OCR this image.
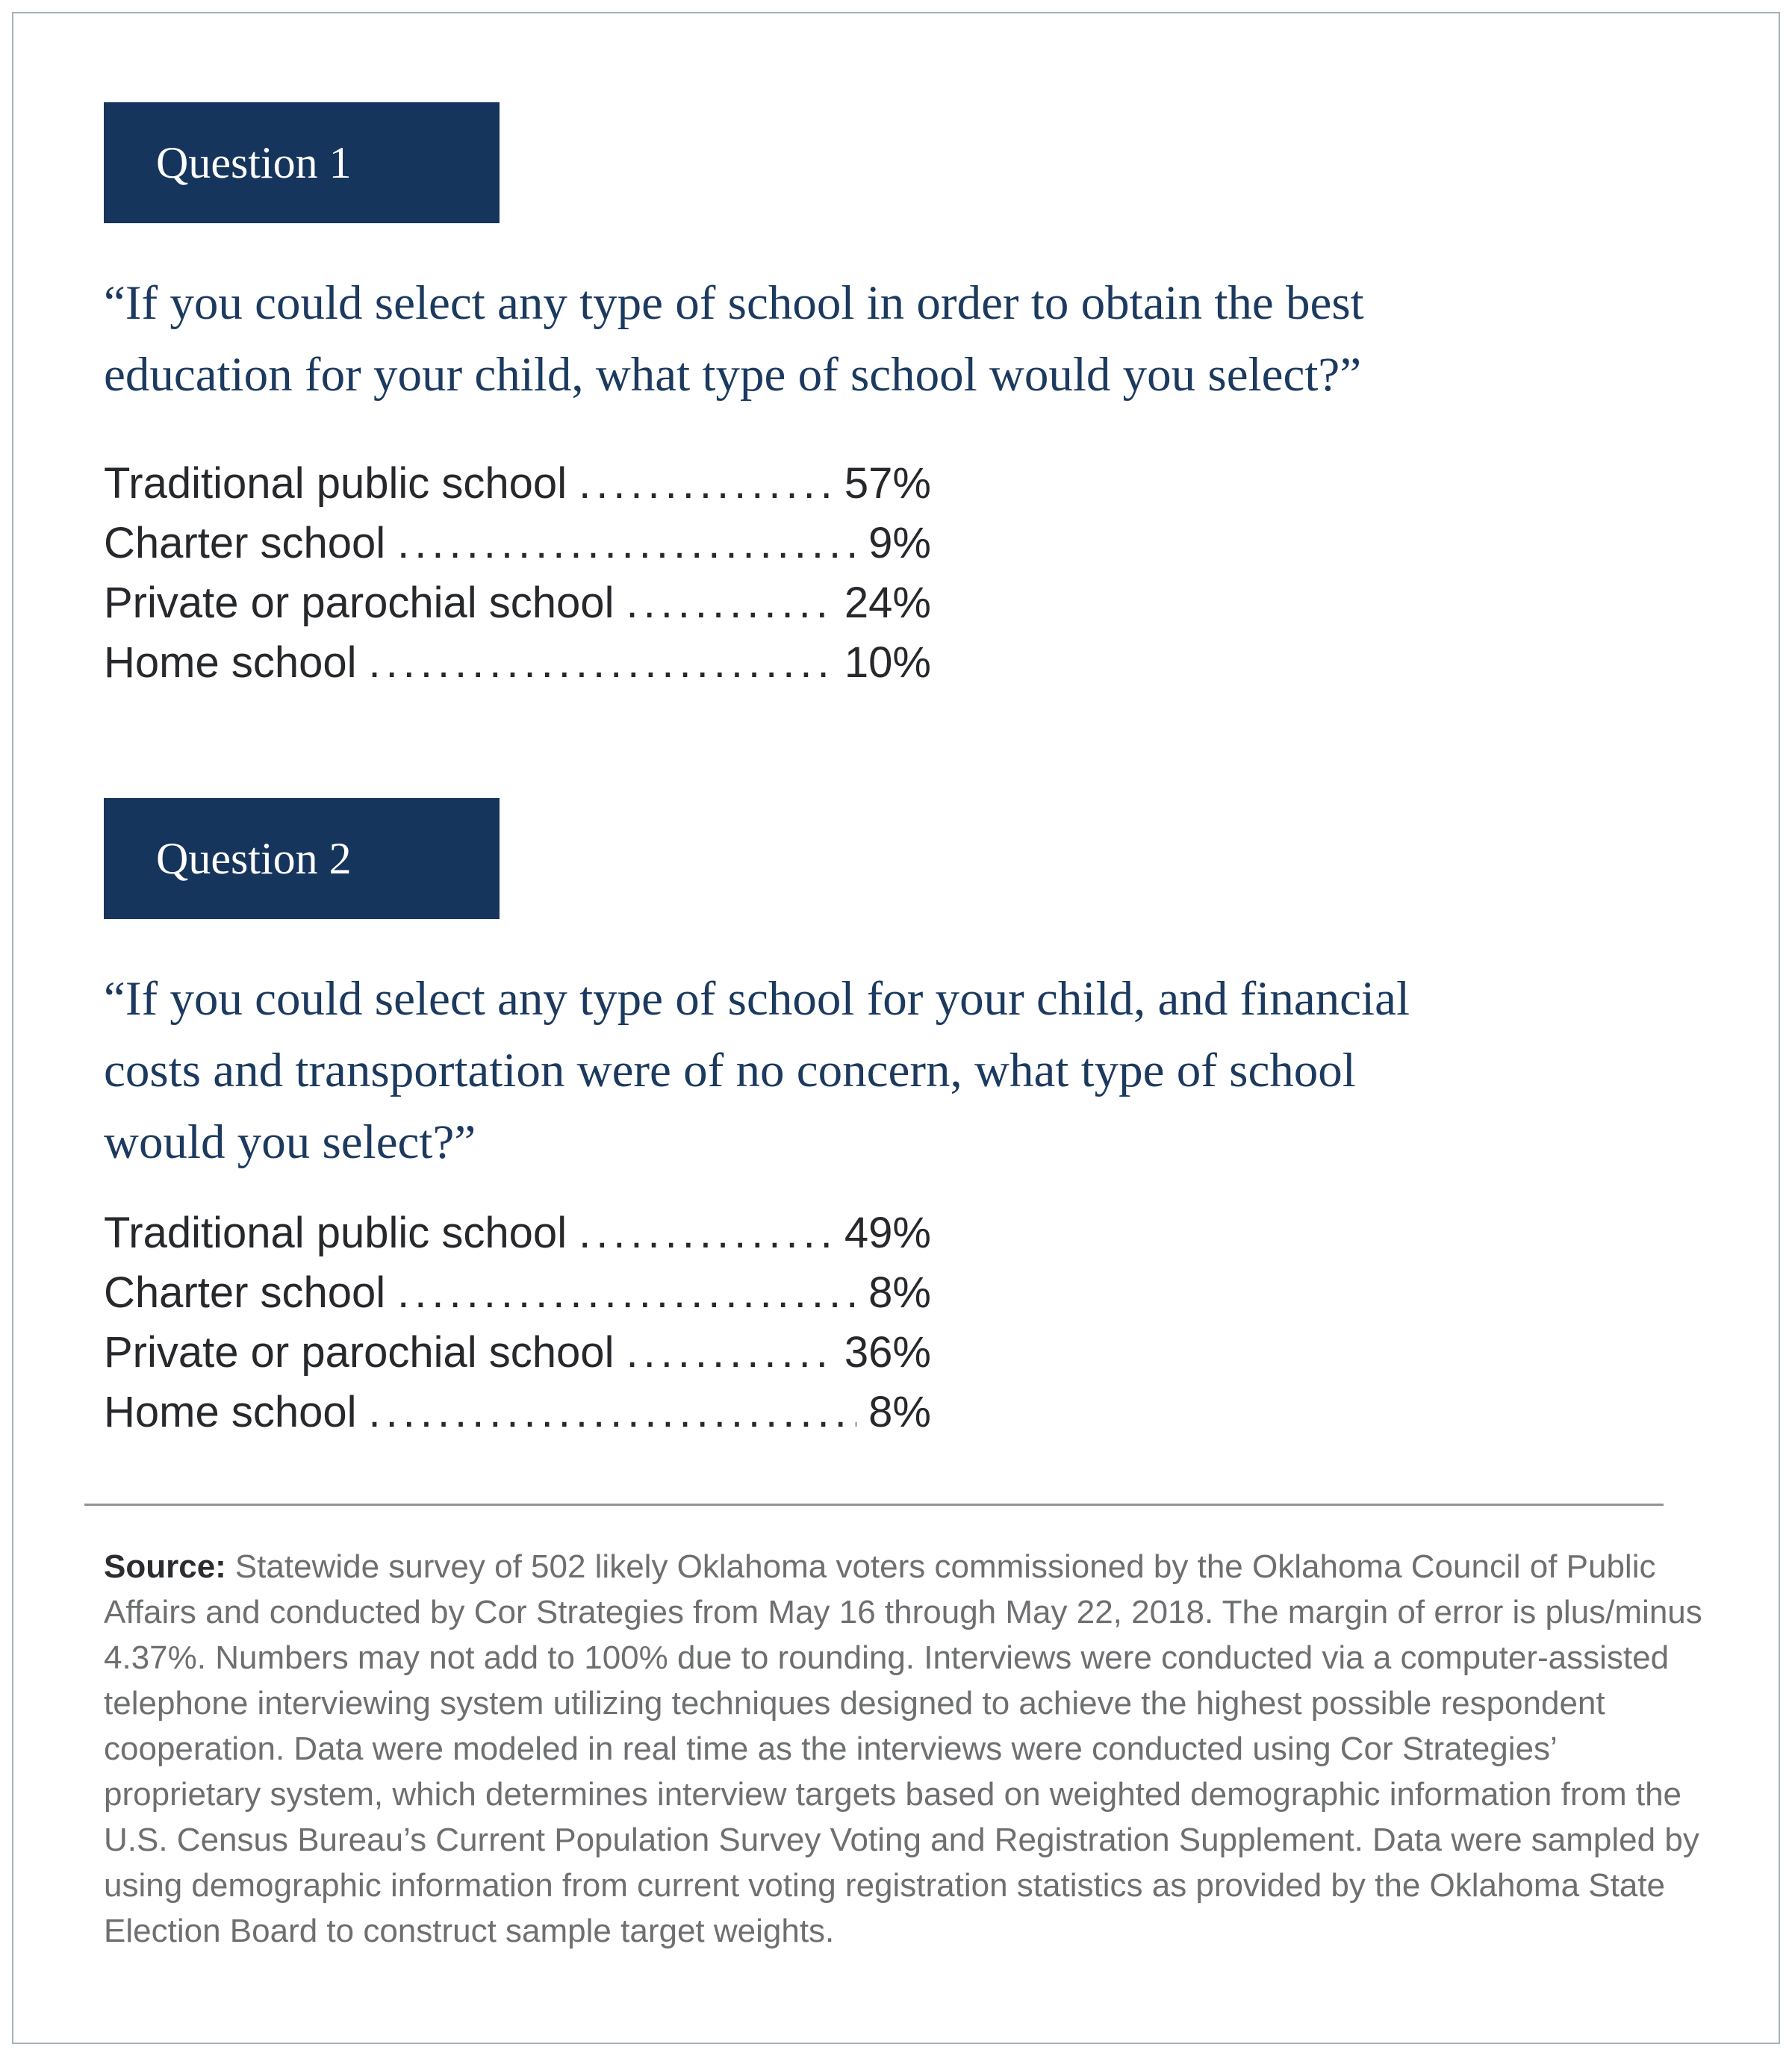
Question 1
“If you could select any type of school in order to obtain the best
education for your child, what type of school would you select?”
Traditional public school .....	57%
Charter school .....	9%
Private or parochial school .....	24%
Home school .....	10%
Question 2
“If you could select any type of school for your child, and financial
costs and transportation were of no concern, what type of school
would you select?”
Traditional public school .....	49%
Charter school .....	8%
Private or parochial school .....	36%
Home school .....	8%

Source: Statewide survey of 502 likely Oklahoma voters commissioned by the Oklahoma Council of Public Affairs and conducted by Cor Strategies from May 16 through May 22, 2018. The margin of error is plus/minus 4.37%. Numbers may not add to 100% due to rounding. Interviews were conducted via a computer-assisted telephone interviewing system utilizing techniques designed to achieve the highest possible respondent cooperation. Data were modeled in real time as the interviews were conducted using Cor Strategies’ proprietary system, which determines interview targets based on weighted demographic information from the U.S. Census Bureau’s Current Population Survey Voting and Registration Supplement. Data were sampled by using demographic information from current voting registration statistics as provided by the Oklahoma State Election Board to construct sample target weights.
